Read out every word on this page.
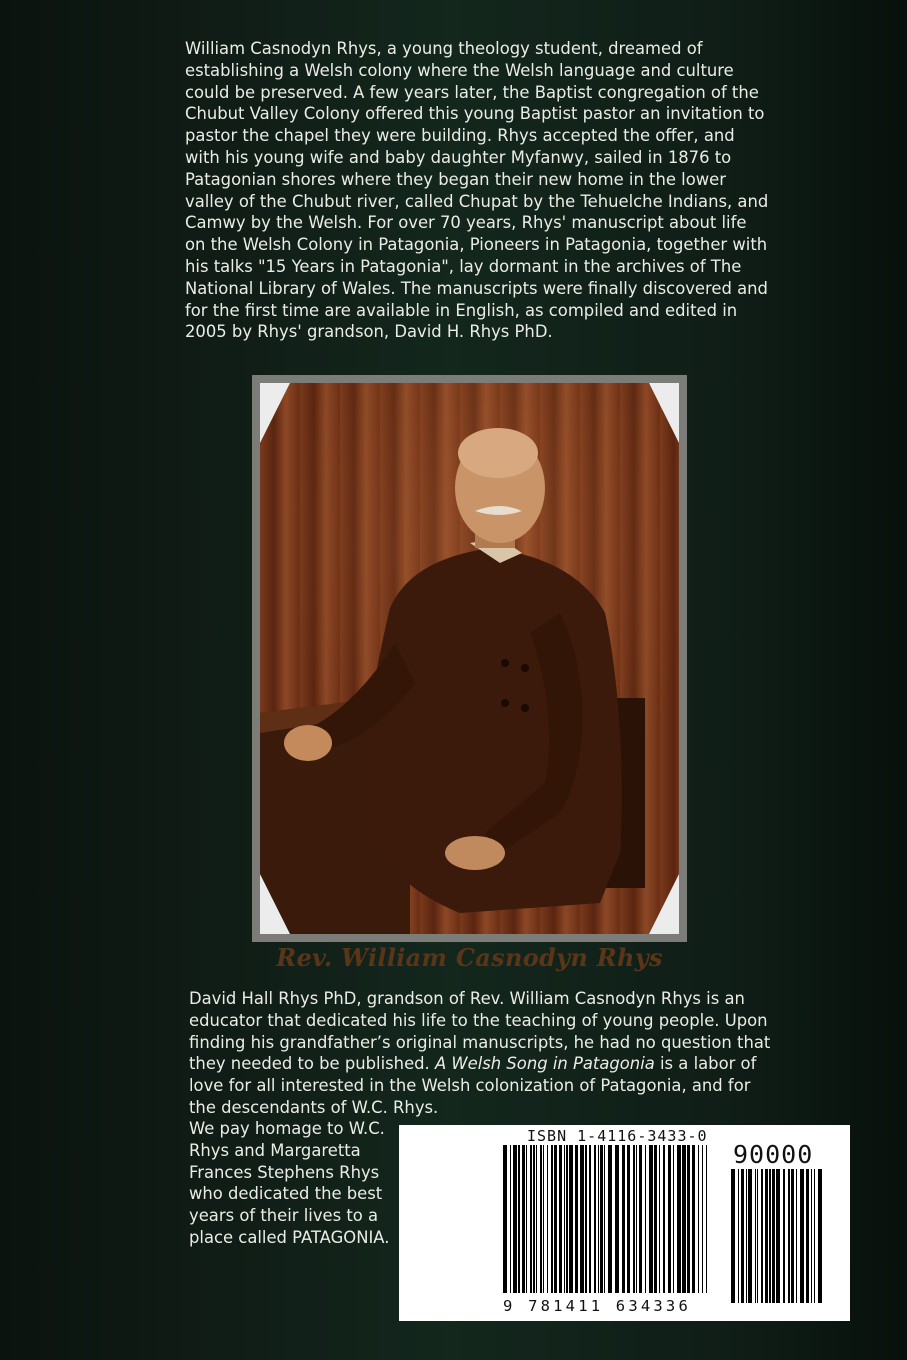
William Casnodyn Rhys, a young theology student, dreamed of establishing a Welsh colony where the Welsh language and culture could be preserved. A few years later, the Baptist congregation of the Chubut Valley Colony offered this young Baptist pastor an invitation to pastor the chapel they were building. Rhys accepted the offer, and with his young wife and baby daughter Myfanwy, sailed in 1876 to Patagonian shores where they began their new home in the lower valley of the Chubut river, called Chupat by the Tehuelche Indians, and Camwy by the Welsh. For over 70 years, Rhys' manuscript about life on the Welsh Colony in Patagonia, Pioneers in Patagonia, together with his talks "15 Years in Patagonia", lay dormant in the archives of The National Library of Wales. The manuscripts were finally discovered and for the first time are available in English, as compiled and edited in 2005 by Rhys' grandson, David H. Rhys PhD.

Rev. William Casnodyn Rhys

David Hall Rhys PhD, grandson of Rev. William Casnodyn Rhys is an educator that dedicated his life to the teaching of young people. Upon finding his grandfather’s original manuscripts, he had no question that they needed to be published. A Welsh Song in Patagonia is a labor of love for all interested in the Welsh colonization of Patagonia, and for the descendants of W.C. Rhys.

We pay homage to W.C. Rhys and Margaretta Frances Stephens Rhys who dedicated the best years of their lives to a place called PATAGONIA.

ISBN 1-4116-3433-0
90000
9 781411 634336
